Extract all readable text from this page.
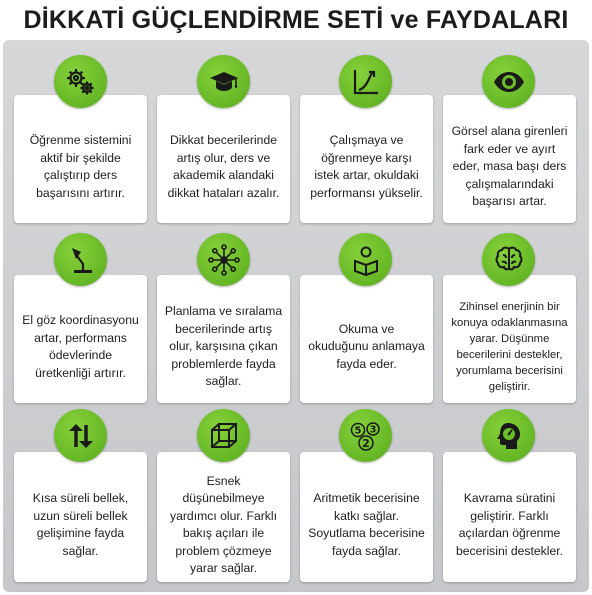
DİKKATİ GÜÇLENDİRME SETİ ve FAYDALARI
Öğrenme sistemini aktif bir şekilde çalıştırıp ders başarısını artırır.
Dikkat becerilerinde artış olur, ders ve akademik alandaki dikkat hataları azalır.
Çalışmaya ve öğrenmeye karşı istek artar, okuldaki performansı yükselir.
Görsel alana girenleri fark eder ve ayırt eder, masa başı ders çalışmalarındaki başarısı artar.
El göz koordinasyonu artar, performans ödevlerinde üretkenliği artırır.
Planlama ve sıralama becerilerinde artış olur, karşısına çıkan problemlerde fayda sağlar.
Okuma ve okuduğunu anlamaya fayda eder.
Zihinsel enerjinin bir konuya odaklanmasına yarar. Düşünme becerilerini destekler, yorumlama becerisini geliştirir.
Kısa süreli bellek, uzun süreli bellek gelişimine fayda sağlar.
Esnek düşünebilmeye yardımcı olur. Farklı bakış açıları ile problem çözmeye yarar sağlar.
Aritmetik becerisine katkı sağlar. Soyutlama becerisine fayda sağlar.
Kavrama süratini geliştirir. Farklı açılardan öğrenme becerisini destekler.
5 3
2
